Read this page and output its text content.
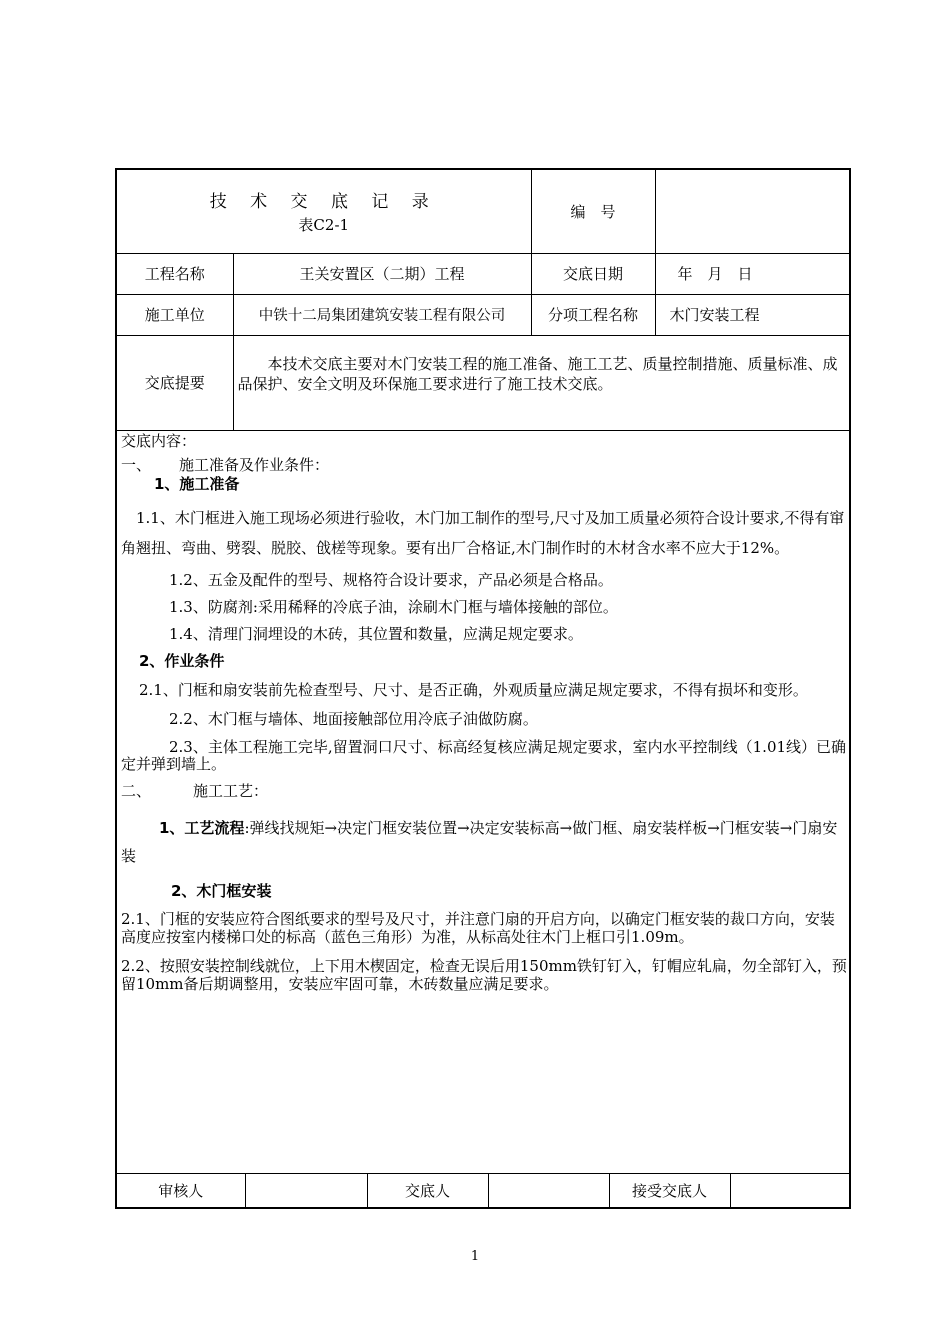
技 术 交 底 记 录
表C2-1		编　号	
工程名称	王关安置区（二期）工程	交底日期	年　月　日
施工单位	中铁十二局集团建筑安装工程有限公司	分项工程名称	木门安装工程
交底提要	本技术交底主要对木门安装工程的施工准备、施工工艺、质量控制措施、质量标准、成品保护、安全文明及环保施工要求进行了施工技术交底。		

交底内容：

一、 施工准备及作业条件：

1、施工准备

1.1、木门框进入施工现场必须进行验收，木门加工制作的型号,尺寸及加工质量必须符合设计要求,不得有窜角翘扭、弯曲、劈裂、脱胶、戗槎等现象。要有出厂合格证,木门制作时的木材含水率不应大于12%。

1.2、五金及配件的型号、规格符合设计要求，产品必须是合格品。

1.3、防腐剂:采用稀释的冷底子油，涂刷木门框与墙体接触的部位。

1.4、清理门洞埋设的木砖，其位置和数量，应满足规定要求。

2、作业条件

2.1、门框和扇安装前先检查型号、尺寸、是否正确，外观质量应满足规定要求，不得有损坏和变形。

2.2、木门框与墙体、地面接触部位用冷底子油做防腐。

2.3、主体工程施工完毕,留置洞口尺寸、标高经复核应满足规定要求，室内水平控制线（1.01线）已确定并弹到墙上。

二、	施工工艺：

1、工艺流程:弹线找规矩→决定门框安装位置→决定安装标高→做门框、扇安装样板→门框安装→门扇安装

2、木门框安装

2.1、门框的安装应符合图纸要求的型号及尺寸，并注意门扇的开启方向，以确定门框安装的裁口方向，安装高度应按室内楼梯口处的标高（蓝色三角形）为准，从标高处往木门上框口引1.09m。

2.2、按照安装控制线就位，上下用木楔固定，检查无误后用150mm铁钉钉入，钉帽应轧扁，勿全部钉入，预留10mm备后期调整用，安装应牢固可靠，木砖数量应满足要求。

审核人		交底人		接受交底人	
1
